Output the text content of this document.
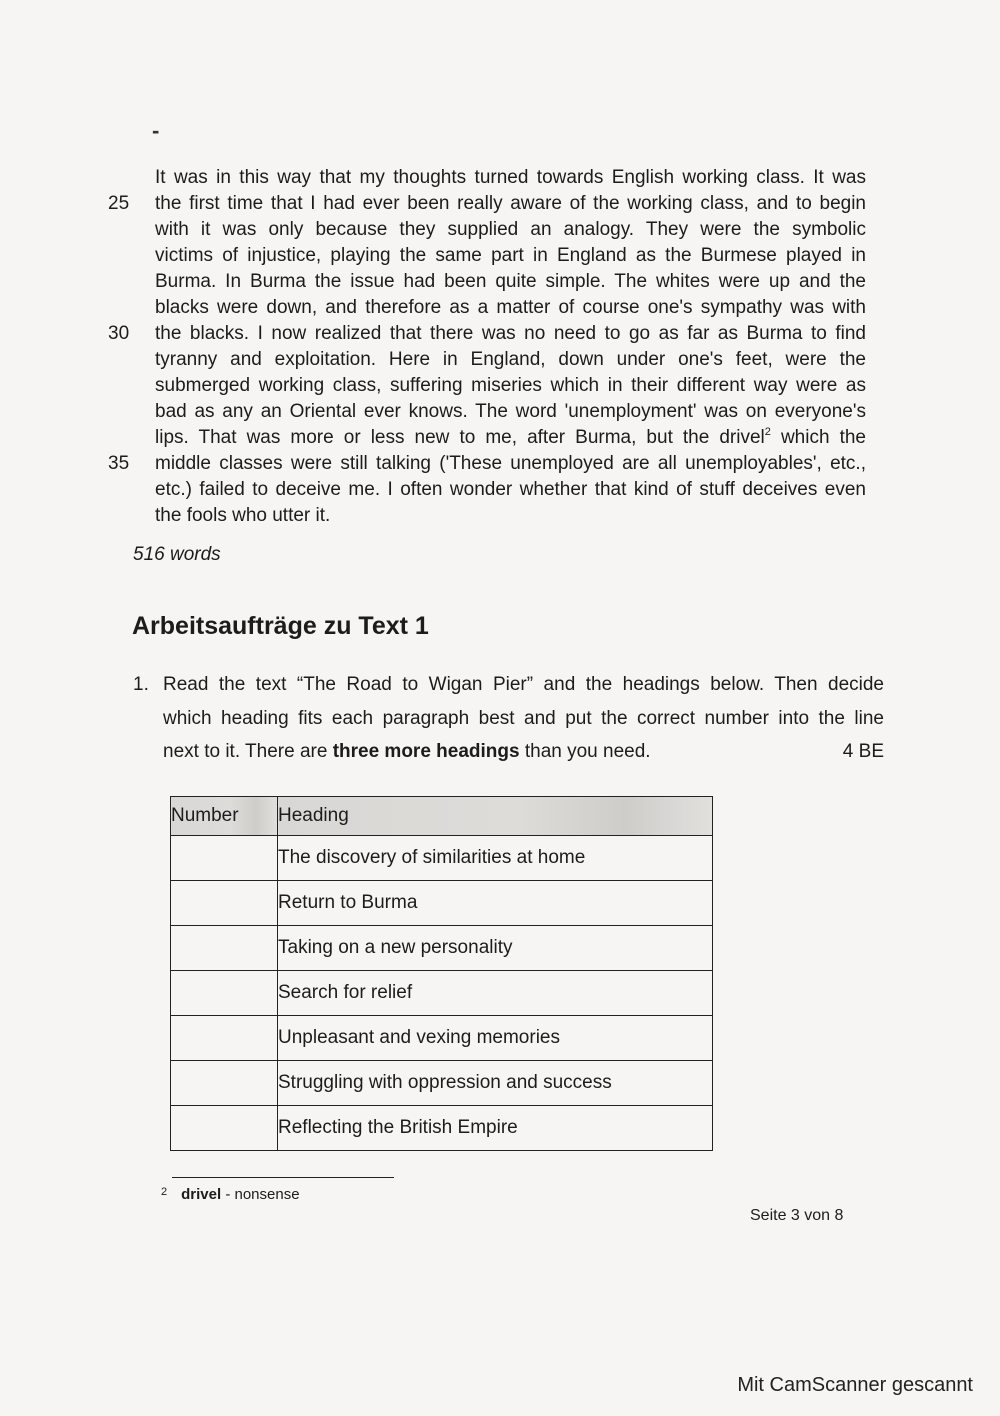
-
It was in this way that my thoughts turned towards English working class. It was
25 the first time that I had ever been really aware of the working class, and to begin
with it was only because they supplied an analogy. They were the symbolic
victims of injustice, playing the same part in England as the Burmese played in
Burma. In Burma the issue had been quite simple. The whites were up and the
blacks were down, and therefore as a matter of course one's sympathy was with
30 the blacks. I now realized that there was no need to go as far as Burma to find
tyranny and exploitation. Here in England, down under one's feet, were the
submerged working class, suffering miseries which in their different way were as
bad as any an Oriental ever knows. The word 'unemployment' was on everyone's
lips. That was more or less new to me, after Burma, but the drivel$^2$ which the
35 middle classes were still talking ('These unemployed are all unemployables', etc.,
etc.) failed to deceive me. I often wonder whether that kind of stuff deceives even
the fools who utter it.
516 words
Arbeitsaufträge zu Text 1
1. Read the text “The Road to Wigan Pier” and the headings below. Then decide
which heading fits each paragraph best and put the correct number into the line
next to it. There are three more headings than you need.	4 BE
Number	Heading
	The discovery of similarities at home
	Return to Burma
	Taking on a new personality
	Search for relief
	Unpleasant and vexing memories
	Struggling with oppression and success
	Reflecting the British Empire
$^2$ drivel - nonsense
Seite 3 von 8
Mit CamScanner gescannt
